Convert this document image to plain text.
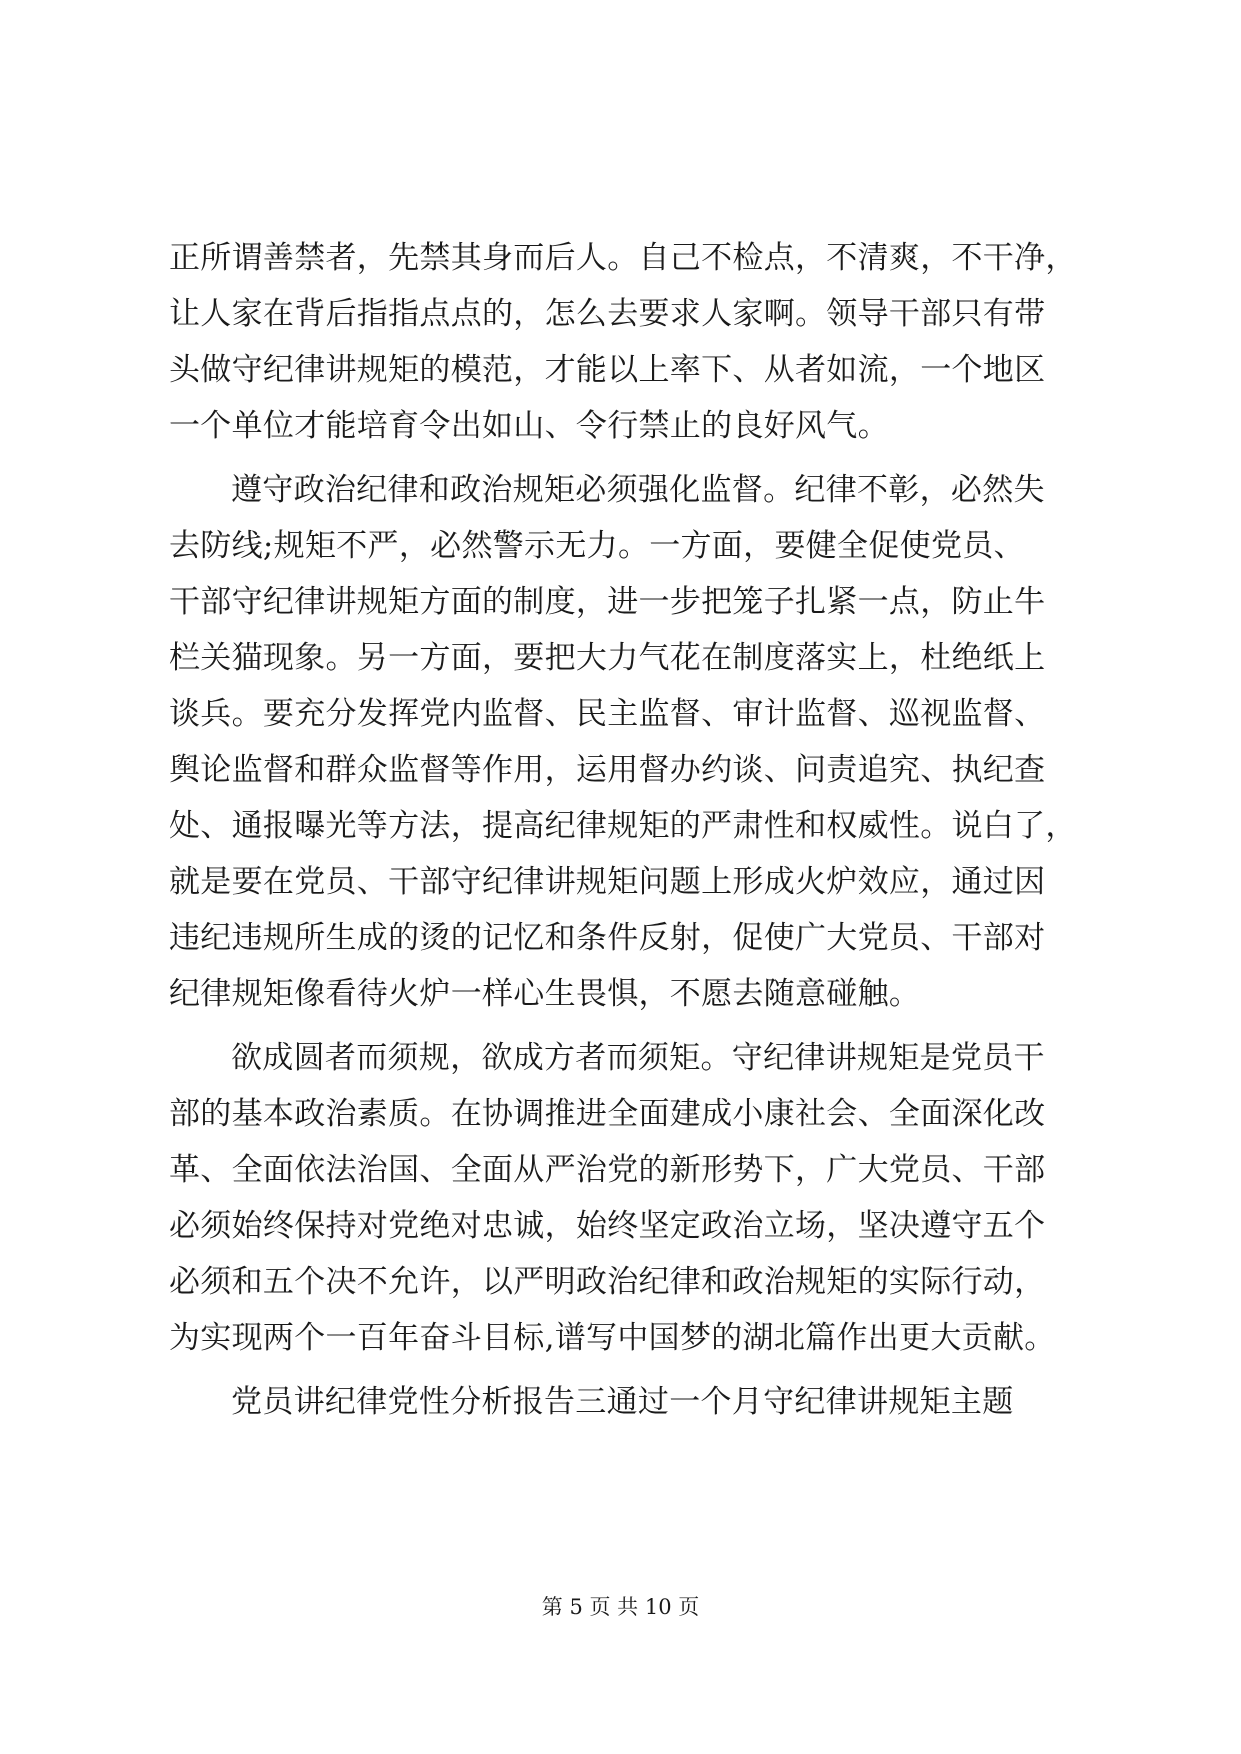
正所谓善禁者，先禁其身而后人。自己不检点，不清爽，不干净，
让人家在背后指指点点的，怎么去要求人家啊。领导干部只有带
头做守纪律讲规矩的模范，才能以上率下、从者如流，一个地区
一个单位才能培育令出如山、令行禁止的良好风气。
遵守政治纪律和政治规矩必须强化监督。纪律不彰，必然失
去防线;规矩不严，必然警示无力。一方面，要健全促使党员、
干部守纪律讲规矩方面的制度，进一步把笼子扎紧一点，防止牛
栏关猫现象。另一方面，要把大力气花在制度落实上，杜绝纸上
谈兵。要充分发挥党内监督、民主监督、审计监督、巡视监督、
舆论监督和群众监督等作用，运用督办约谈、问责追究、执纪查
处、通报曝光等方法，提高纪律规矩的严肃性和权威性。说白了，
就是要在党员、干部守纪律讲规矩问题上形成火炉效应，通过因
违纪违规所生成的烫的记忆和条件反射，促使广大党员、干部对
纪律规矩像看待火炉一样心生畏惧，不愿去随意碰触。
欲成圆者而须规，欲成方者而须矩。守纪律讲规矩是党员干
部的基本政治素质。在协调推进全面建成小康社会、全面深化改
革、全面依法治国、全面从严治党的新形势下，广大党员、干部
必须始终保持对党绝对忠诚，始终坚定政治立场，坚决遵守五个
必须和五个决不允许，以严明政治纪律和政治规矩的实际行动，
为实现两个一百年奋斗目标,谱写中国梦的湖北篇作出更大贡献。
党员讲纪律党性分析报告三通过一个月守纪律讲规矩主题
第 5 页 共 10 页
